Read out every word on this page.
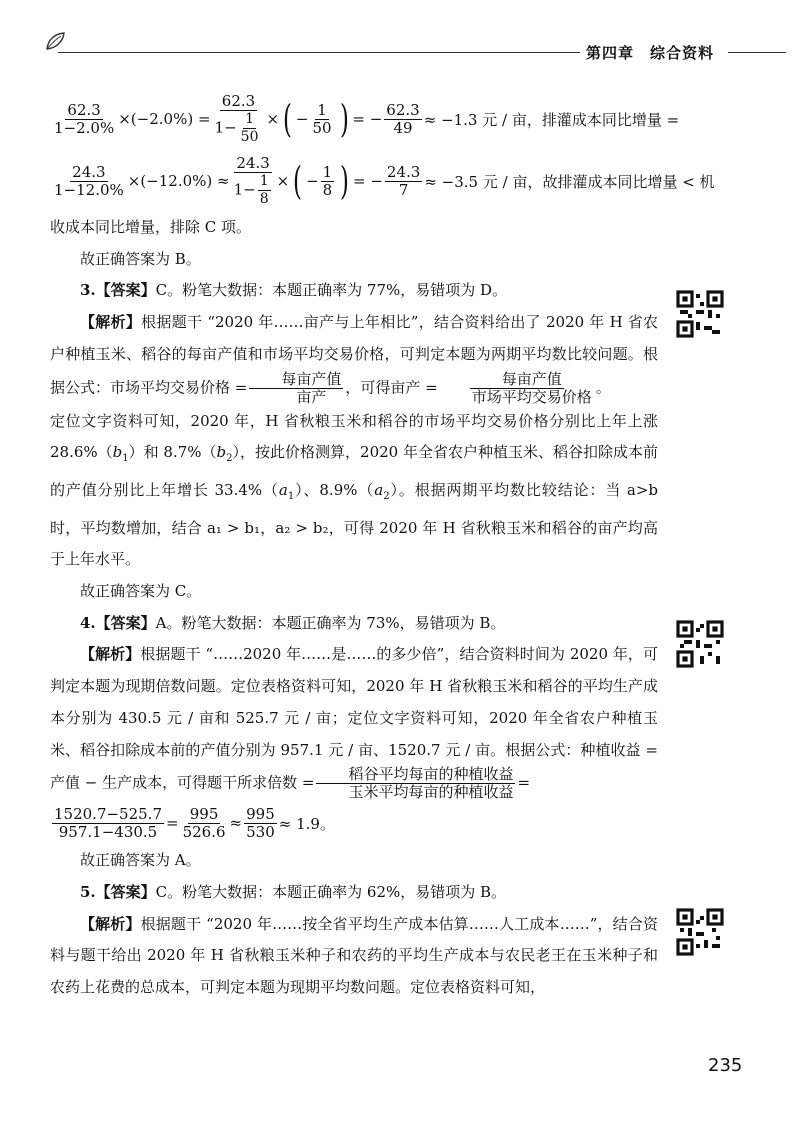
第四章　综合资料
$\frac{62.3}{1-2.0\%} \times(-2.0\%) = \frac{62.3}{1- \frac{1}{50}}$ × ( − $\frac{1}{50}$ ) = − $\frac{62.3}{49} \approx -1.3$ 元 / 亩，排灌成本同比增量 =
$\frac{24.3}{1-12.0\%} \times(-12.0\%) \approx \frac{24.3}{1- \frac{1}{8}}$ × ( − $\frac{1}{8}$ ) = − $\frac{24.3}{7} \approx -3.5$ 元 / 亩，故排灌成本同比增量 < 机

收成本同比增量，排除 C 项。

故正确答案为 B。

3.【答案】C。粉笔大数据：本题正确率为 77%，易错项为 D。

【解析】根据题干 “2020 年……亩产与上年相比”，结合资料给出了 2020 年 H 省农户种植玉米、稻谷的每亩产值和市场平均交易价格，可判定本题为两期平均数比较问题。根据公式：市场平均交易价格 = $\frac{\text{每亩产值}}{\text{亩产}}$ ，可得亩产 = $\frac{\text{每亩产值}}{\text{市场平均交易价格}}$ 。

定位文字资料可知，2020 年，H 省秋粮玉米和稻谷的市场平均交易价格分别比上年上涨 $28.6\%(b_1)$和 $8.7\%(b_2)$，按此价格测算，2020 年全省农户种植玉米、稻谷扣除成本前的产值分别比上年增长 $33.4\%(a_1)$、$8.9\%(a_2)$。根据两期平均数比较结论：当 a>b 时，平均数增加，结合 a₁ > b₁，a₂ > b₂，可得 2020 年 H 省秋粮玉米和稻谷的亩产均高于上年水平。

故正确答案为 C。

4.【答案】A。粉笔大数据：本题正确率为 73%，易错项为 B。

【解析】根据题干 “……2020 年……是……的多少倍”，结合资料时间为 2020 年，可判定本题为现期倍数问题。定位表格资料可知，2020 年 H 省秋粮玉米和稻谷的平均生产成本分别为 430.5 元 / 亩和 525.7 元 / 亩；定位文字资料可知，2020 年全省农户种植玉米、稻谷扣除成本前的产值分别为 957.1 元 / 亩、1520.7 元 / 亩。根据公式：种植收益 = 产值 − 生产成本，可得题干所求倍数 = $\frac{\text{稻谷平均每亩的种植收益}}{\text{玉米平均每亩的种植收益}}$ =

$\frac{1520.7-525.7}{957.1-430.5} = \frac{995}{526.6} \approx \frac{995}{530} \approx 1.9$。

故正确答案为 A。

5.【答案】C。粉笔大数据：本题正确率为 62%，易错项为 B。

【解析】根据题干 “2020 年……按全省平均生产成本估算……人工成本……”，结合资料与题干给出 2020 年 H 省秋粮玉米种子和农药的平均生产成本与农民老王在玉米种子和农药上花费的总成本，可判定本题为现期平均数问题。定位表格资料可知，

235
